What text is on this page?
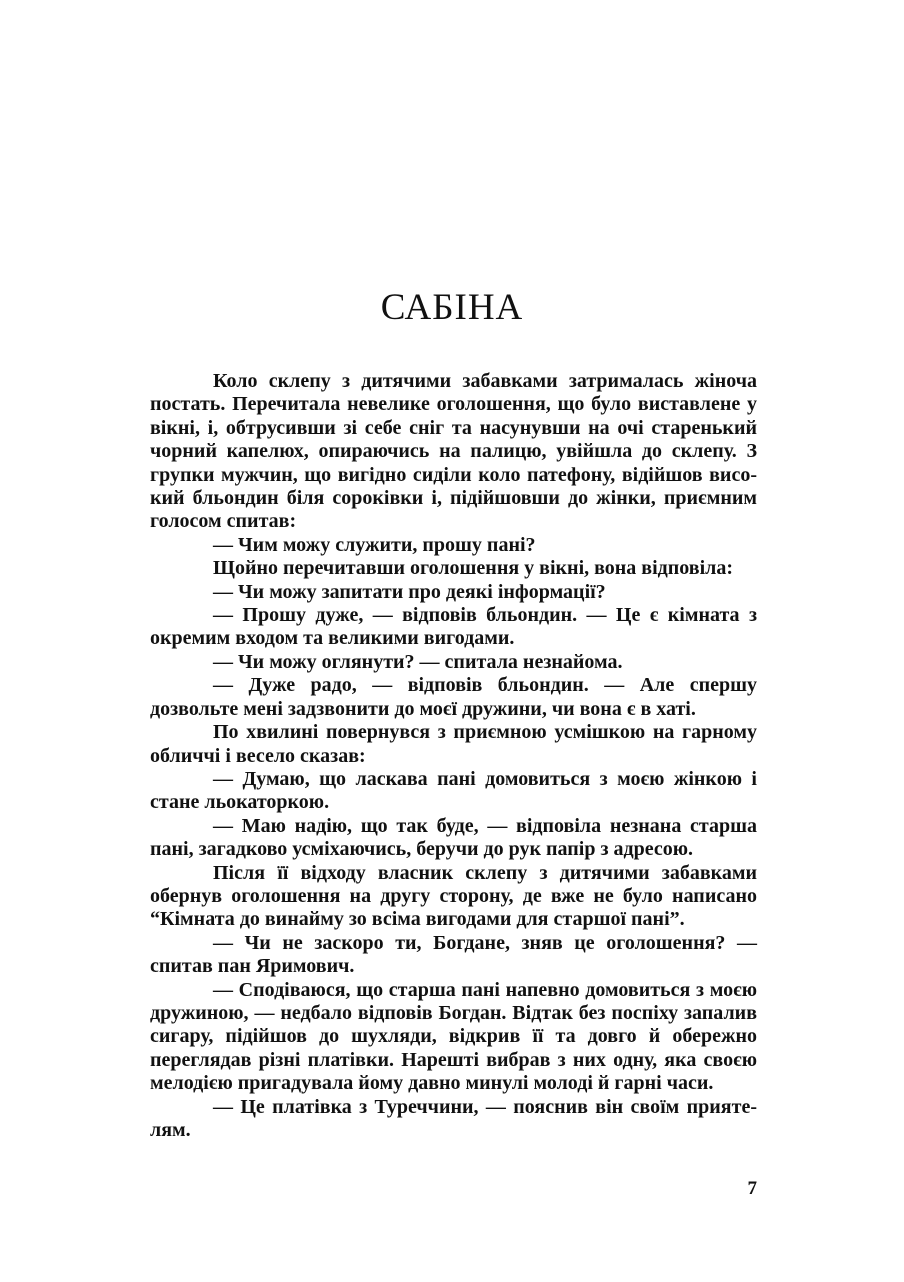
САБІНА

Коло склепу з дитячими забавками затрималась жіноча постать. Перечитала невелике оголошення, що було виставлене у вікні, і, обтрусивши зі себе сніг та насунувши на очі старенький чорний капелюх, опираючись на палицю, увійшла до склепу. З групки мужчин, що вигідно сиділи коло патефону, відійшов високий бльондин біля сороківки і, підійшовши до жінки, приємним голосом спитав:

— Чим можу служити, прошу пані?

Щойно перечитавши оголошення у вікні, вона відповіла:

— Чи можу запитати про деякі інформації?

— Прошу дуже, — відповів бльондин. — Це є кімната з окремим входом та великими вигодами.

— Чи можу оглянути? — спитала незнайома.

— Дуже радо, — відповів бльондин. — Але спершу дозвольте мені задзвонити до моєї дружини, чи вона є в хаті.

По хвилині повернувся з приємною усмішкою на гарному обличчі і весело сказав:

— Думаю, що ласкава пані домовиться з моєю жінкою і стане льокаторкою.

— Маю надію, що так буде, — відповіла незнана старша пані, загадково усміхаючись, беручи до рук папір з адресою.

Після її відходу власник склепу з дитячими забавками обернув оголошення на другу сторону, де вже не було написано “Кімната до винайму зо всіма вигодами для старшої пані”.

— Чи не заскоро ти, Богдане, зняв це оголошення? — спитав пан Яримович.

— Сподіваюся, що старша пані напевно домовиться з моєю дружиною, — недбало відповів Богдан. Відтак без поспіху запалив сигару, підійшов до шухляди, відкрив її та довго й обережно переглядав різні платівки. Нарешті вибрав з них одну, яка своєю мелодією пригадувала йому давно минулі молоді й гарні часи.

— Це платівка з Туреччини, — пояснив він своїм приятелям.

7
